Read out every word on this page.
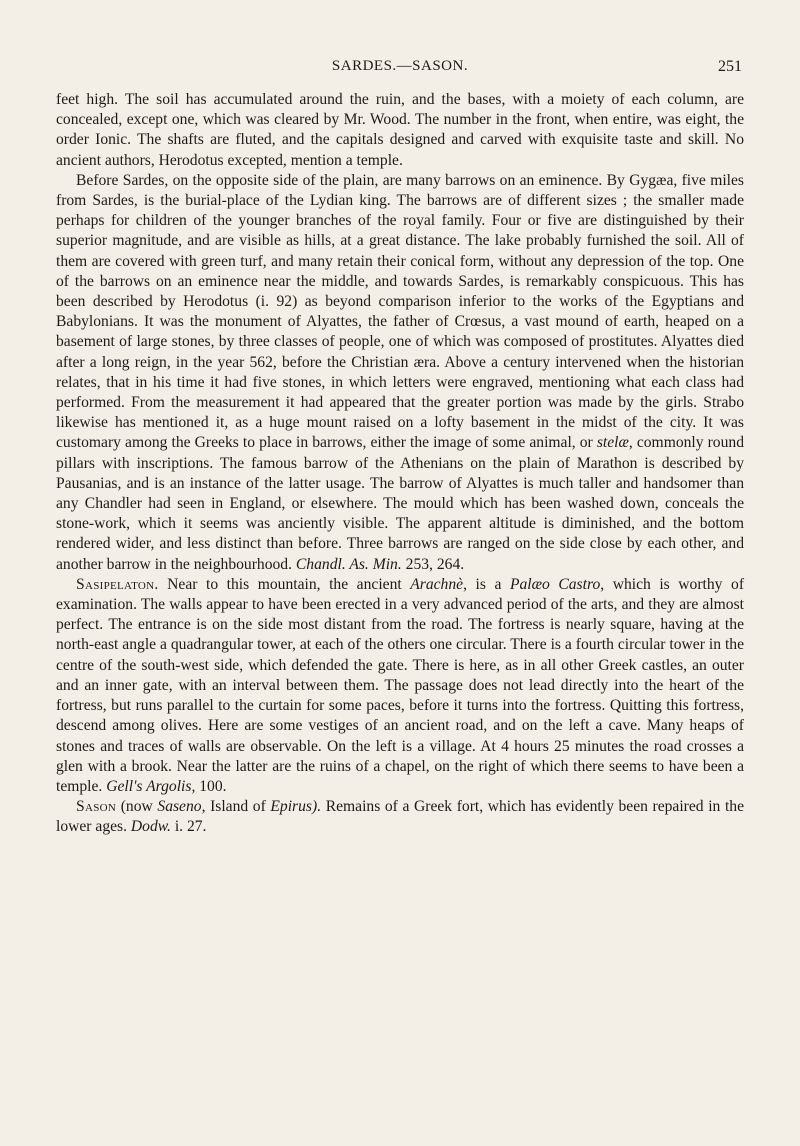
SARDES.—SASON.	251

feet high. The soil has accumulated around the ruin, and the bases, with a moiety of each column, are concealed, except one, which was cleared by Mr. Wood. The number in the front, when entire, was eight, the order Ionic. The shafts are fluted, and the capitals designed and carved with exquisite taste and skill. No ancient authors, Herodotus excepted, mention a temple.

Before Sardes, on the opposite side of the plain, are many barrows on an eminence. By Gygæa, five miles from Sardes, is the burial-place of the Lydian king. The barrows are of different sizes ; the smaller made perhaps for children of the younger branches of the royal family. Four or five are distinguished by their superior magnitude, and are visible as hills, at a great distance. The lake probably furnished the soil. All of them are covered with green turf, and many retain their conical form, without any depression of the top. One of the barrows on an eminence near the middle, and towards Sardes, is remarkably conspicuous. This has been described by Herodotus (i. 92) as beyond comparison inferior to the works of the Egyptians and Babylonians. It was the monument of Alyattes, the father of Crœsus, a vast mound of earth, heaped on a basement of large stones, by three classes of people, one of which was composed of prostitutes. Alyattes died after a long reign, in the year 562, before the Christian æra. Above a century intervened when the historian relates, that in his time it had five stones, in which letters were engraved, mentioning what each class had performed. From the measurement it had appeared that the greater portion was made by the girls. Strabo likewise has mentioned it, as a huge mount raised on a lofty basement in the midst of the city. It was customary among the Greeks to place in barrows, either the image of some animal, or stelæ, commonly round pillars with inscriptions. The famous barrow of the Athenians on the plain of Marathon is described by Pausanias, and is an instance of the latter usage. The barrow of Alyattes is much taller and handsomer than any Chandler had seen in England, or elsewhere. The mould which has been washed down, conceals the stone-work, which it seems was anciently visible. The apparent altitude is diminished, and the bottom rendered wider, and less distinct than before. Three barrows are ranged on the side close by each other, and another barrow in the neighbourhood. Chandl. As. Min. 253, 264.

Sasipelaton. Near to this mountain, the ancient Arachnè, is a Palæo Castro, which is worthy of examination. The walls appear to have been erected in a very advanced period of the arts, and they are almost perfect. The entrance is on the side most distant from the road. The fortress is nearly square, having at the north-east angle a quadrangular tower, at each of the others one circular. There is a fourth circular tower in the centre of the south-west side, which defended the gate. There is here, as in all other Greek castles, an outer and an inner gate, with an interval between them. The passage does not lead directly into the heart of the fortress, but runs parallel to the curtain for some paces, before it turns into the fortress. Quitting this fortress, descend among olives. Here are some vestiges of an ancient road, and on the left a cave. Many heaps of stones and traces of walls are observable. On the left is a village. At 4 hours 25 minutes the road crosses a glen with a brook. Near the latter are the ruins of a chapel, on the right of which there seems to have been a temple. Gell's Argolis, 100.

Sason (now Saseno, Island of Epirus). Remains of a Greek fort, which has evidently been repaired in the lower ages. Dodw. i. 27.
